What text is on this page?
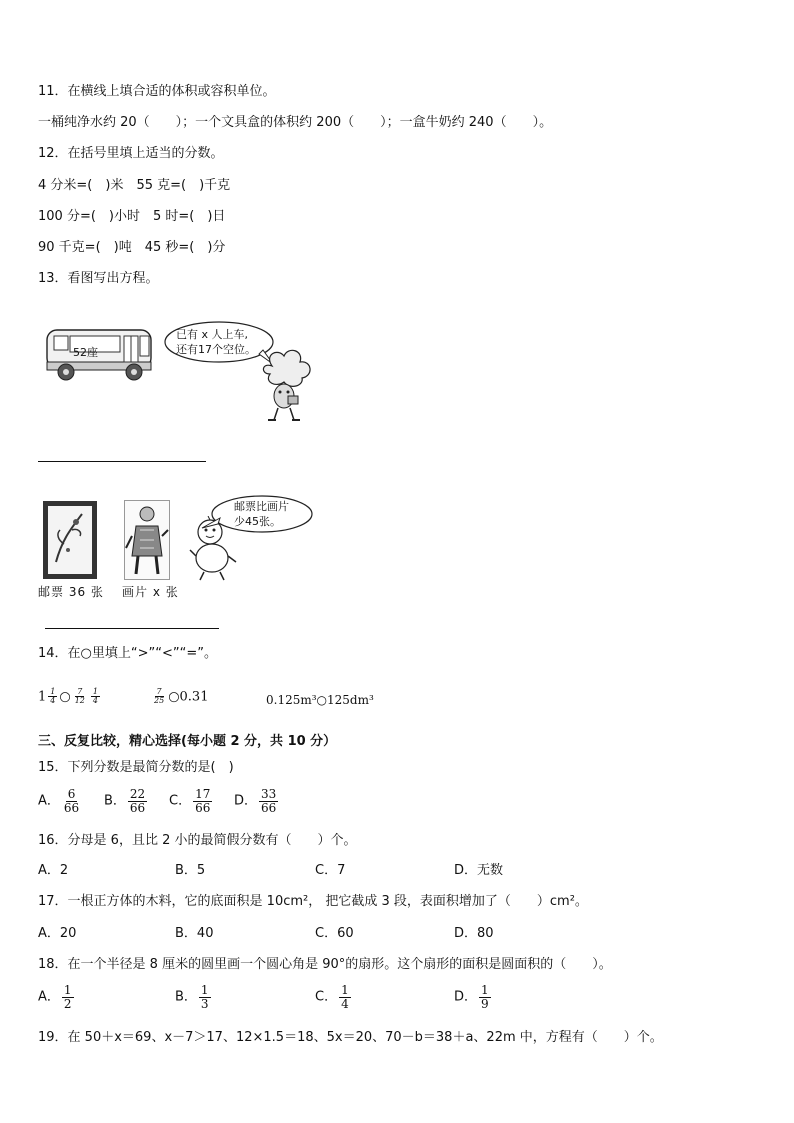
11．在横线上填合适的体积或容积单位。
一桶纯净水约 20（　　）；一个文具盒的体积约 200（　　）；一盒牛奶约 240（　　）。
12．在括号里填上适当的分数。
4 分米=(　)米　55 克=(　)千克
100 分=(　)小时　5 时=(　)日
90 千克=(　)吨　45 秒=(　)分
13．看图写出方程。
52座
已有 x 人上车,
还有17个空位。
邮票比画片
少45张。
邮票 36 张 画片 x 张
14．在○里填上“>”“<”“=”。
$1 \frac{1}{4}$ ○ $\frac{7}{12} \frac{1}{4}$	$\frac{7}{25}$ ○0.31	0.125m³○125dm³
三、反复比较，精心选择(每小题 2 分，共 10 分）
15．下列分数是最简分数的是(　)
A． $\frac{6}{66}$ B． $\frac{22}{66}$ C． $\frac{17}{66}$ D． $\frac{33}{66}$
16．分母是 6，且比 2 小的最简假分数有（　　）个。
A．2	B．5	C．7	D．无数
17．一根正方体的木料，它的底面积是 10cm²， 把它截成 3 段，表面积增加了（　　）cm²。
A．20	B．40	C．60	D．80
18．在一个半径是 8 厘米的圆里画一个圆心角是 90°的扇形。这个扇形的面积是圆面积的（　　）。
A． $\frac{1}{2}$	B． $\frac{1}{3}$	C． $\frac{1}{4}$	D． $\frac{1}{9}$
19．在 50＋x＝69、x－7＞17、12×1.5＝18、5x＝20、70－b＝38＋a、22m 中，方程有（　　）个。
